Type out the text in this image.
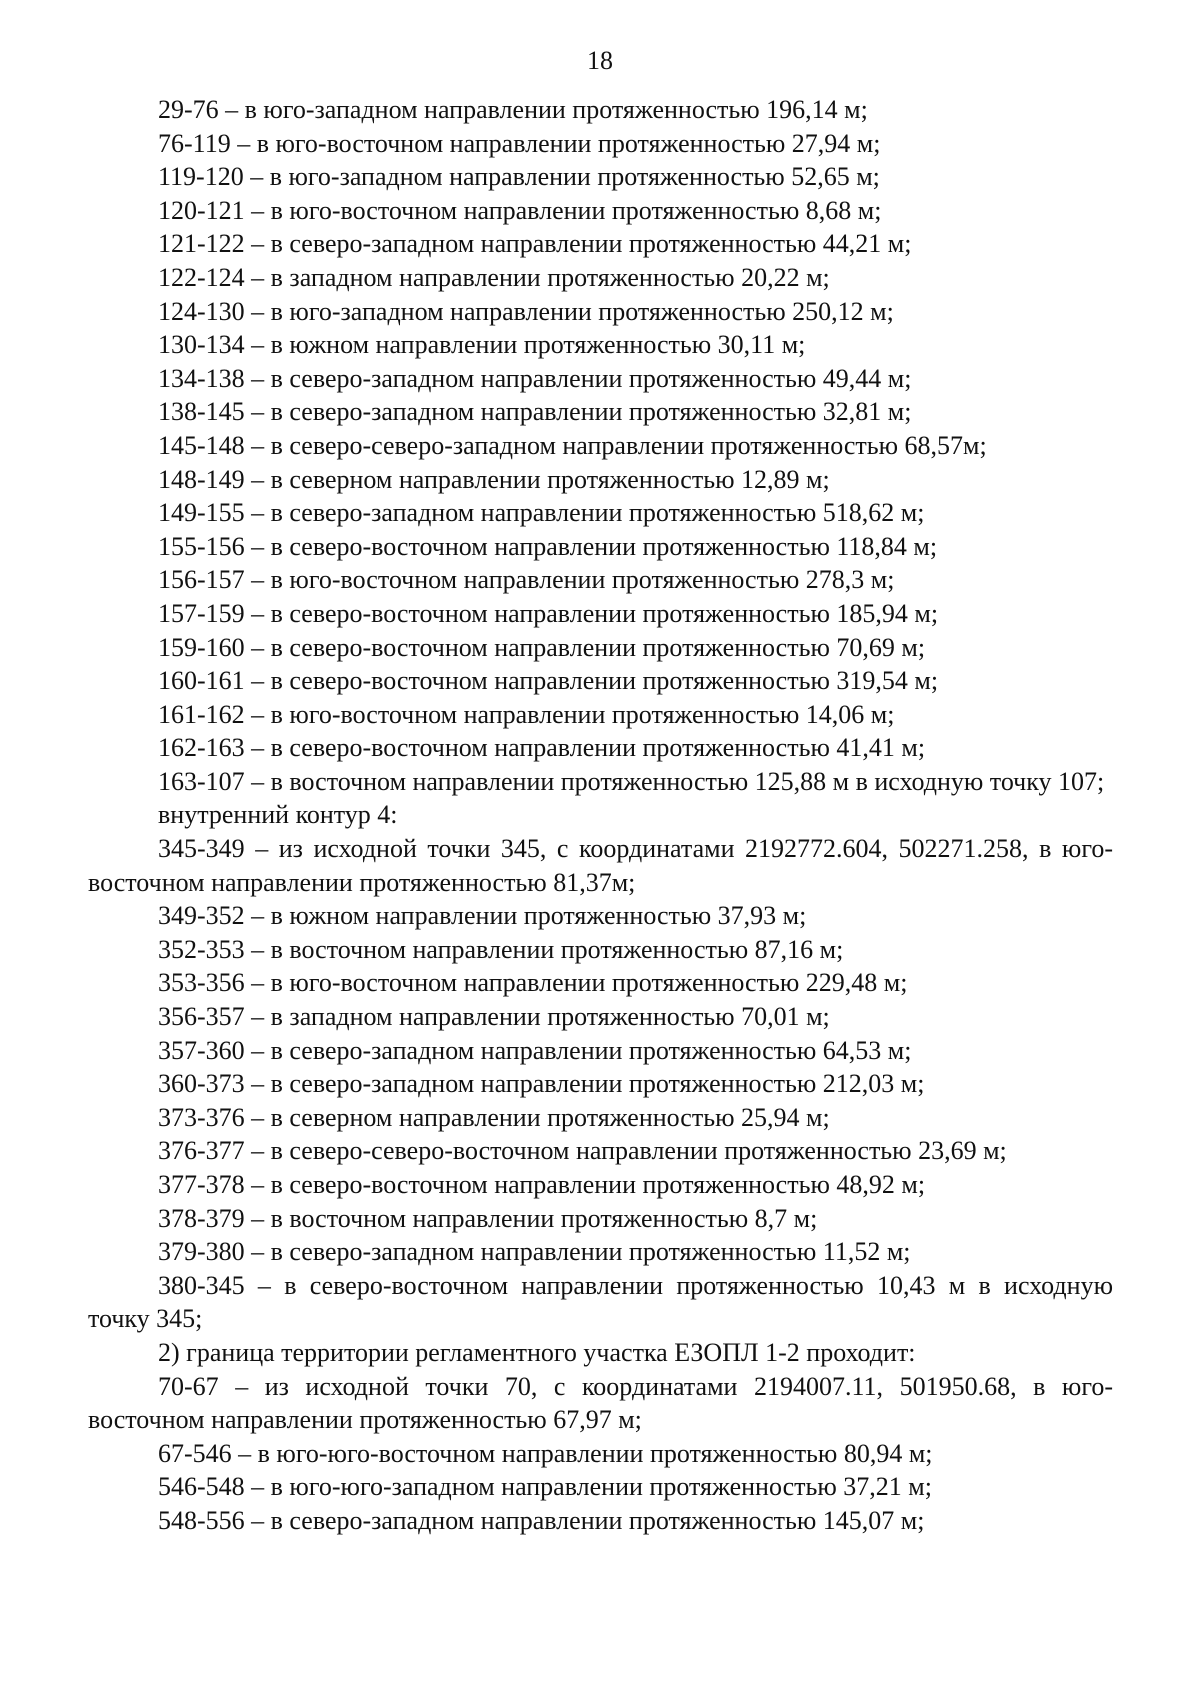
18
29-76 – в юго-западном направлении протяженностью 196,14 м;
76-119 – в юго-восточном направлении протяженностью 27,94 м;
119-120 – в юго-западном направлении протяженностью 52,65 м;
120-121 – в юго-восточном направлении протяженностью 8,68 м;
121-122 – в северо-западном направлении протяженностью 44,21 м;
122-124 – в западном направлении протяженностью 20,22 м;
124-130 – в юго-западном направлении протяженностью 250,12 м;
130-134 – в южном направлении протяженностью 30,11 м;
134-138 – в северо-западном направлении протяженностью 49,44 м;
138-145 – в северо-западном направлении протяженностью 32,81 м;
145-148 – в северо-северо-западном направлении протяженностью 68,57м;
148-149 – в северном направлении протяженностью 12,89 м;
149-155 – в северо-западном направлении протяженностью 518,62 м;
155-156 – в северо-восточном направлении протяженностью 118,84 м;
156-157 – в юго-восточном направлении протяженностью 278,3 м;
157-159 – в северо-восточном направлении протяженностью 185,94 м;
159-160 – в северо-восточном направлении протяженностью 70,69 м;
160-161 – в северо-восточном направлении протяженностью 319,54 м;
161-162 – в юго-восточном направлении протяженностью 14,06 м;
162-163 – в северо-восточном направлении протяженностью 41,41 м;
163-107 – в восточном направлении протяженностью 125,88 м в исходную точку 107;
внутренний контур 4:
345-349 – из исходной точки 345, с координатами 2192772.604, 502271.258, в юго-восточном направлении протяженностью 81,37м;
349-352 – в южном направлении протяженностью 37,93 м;
352-353 – в восточном направлении протяженностью 87,16 м;
353-356 – в юго-восточном направлении протяженностью 229,48 м;
356-357 – в западном направлении протяженностью 70,01 м;
357-360 – в северо-западном направлении протяженностью 64,53 м;
360-373 – в северо-западном направлении протяженностью 212,03 м;
373-376 – в северном направлении протяженностью 25,94 м;
376-377 – в северо-северо-восточном направлении протяженностью 23,69 м;
377-378 – в северо-восточном направлении протяженностью 48,92 м;
378-379 – в восточном направлении протяженностью 8,7 м;
379-380 – в северо-западном направлении протяженностью 11,52 м;
380-345 – в северо-восточном направлении протяженностью 10,43 м в исходную точку 345;
2) граница территории регламентного участка ЕЗОПЛ 1-2 проходит:
70-67 – из исходной точки 70, с координатами 2194007.11, 501950.68, в юго-восточном направлении протяженностью 67,97 м;
67-546 – в юго-юго-восточном направлении протяженностью 80,94 м;
546-548 – в юго-юго-западном направлении протяженностью 37,21 м;
548-556 – в северо-западном направлении протяженностью 145,07 м;
